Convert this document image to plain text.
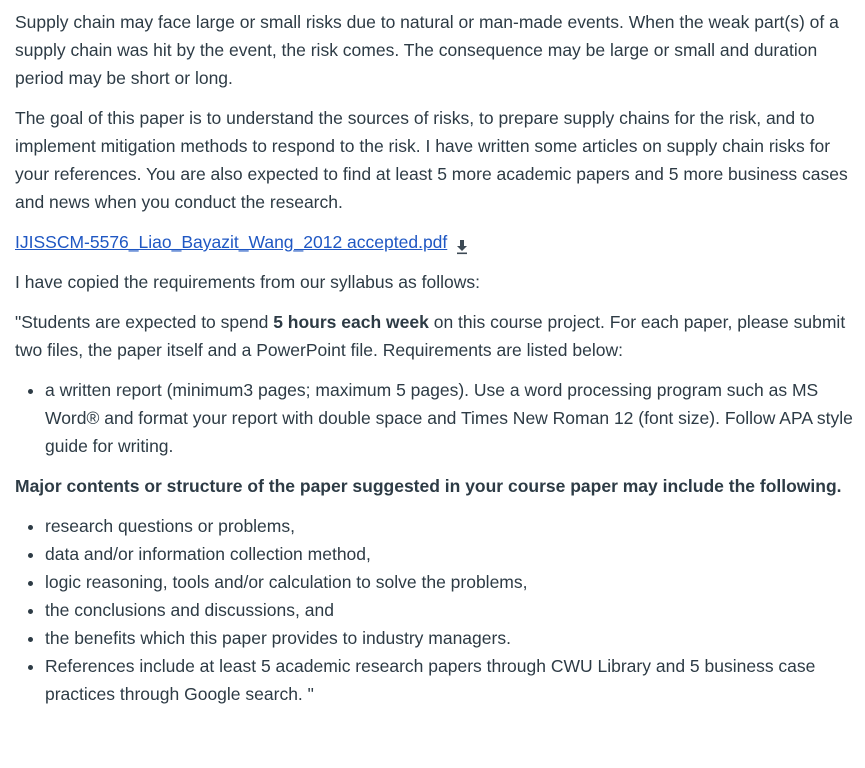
Supply chain may face large or small risks due to natural or man-made events. When the weak part(s) of a supply chain was hit by the event, the risk comes. The consequence may be large or small and duration period may be short or long.

The goal of this paper is to understand the sources of risks, to prepare supply chains for the risk, and to implement mitigation methods to respond to the risk. I have written some articles on supply chain risks for your references. You are also expected to find at least 5 more academic papers and 5 more business cases and news when you conduct the research.

IJISSCM-5576_Liao_Bayazit_Wang_2012 accepted.pdf

I have copied the requirements from our syllabus as follows:

"Students are expected to spend 5 hours each week on this course project. For each paper, please submit two files, the paper itself and a PowerPoint file. Requirements are listed below:

• a written report (minimum3 pages; maximum 5 pages). Use a word processing program such as MS Word® and format your report with double space and Times New Roman 12 (font size). Follow APA style guide for writing.

Major contents or structure of the paper suggested in your course paper may include the following.

• research questions or problems,
• data and/or information collection method,
• logic reasoning, tools and/or calculation to solve the problems,
• the conclusions and discussions, and
• the benefits which this paper provides to industry managers.
• References include at least 5 academic research papers through CWU Library and 5 business case practices through Google search. "
